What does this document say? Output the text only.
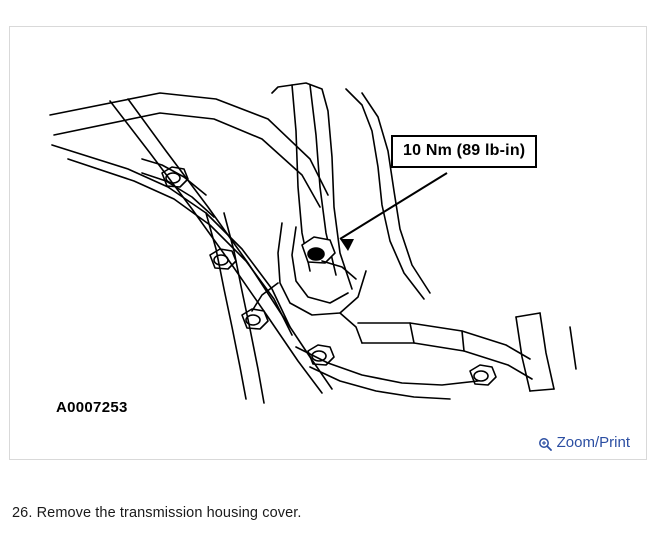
10 Nm (89 lb-in)
A0007253
Zoom/Print
26. Remove the transmission housing cover.
